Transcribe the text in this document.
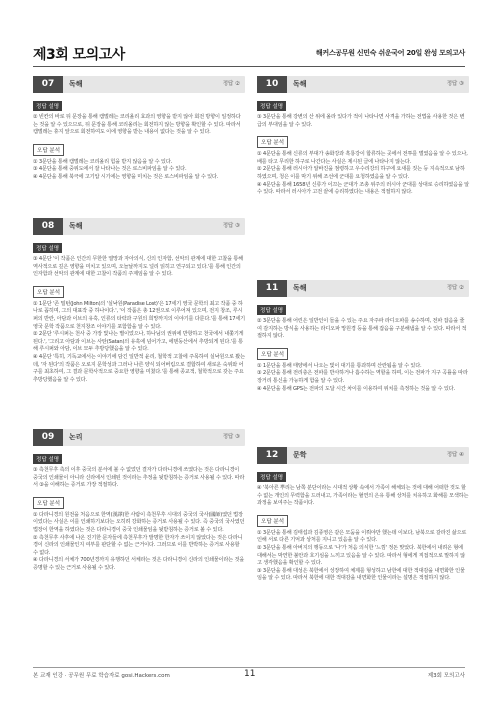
제3회 모의고사	해커스공무원 신민숙 쉬운국어 20일 완성 모의고사
07	독해	정답 ②
정답 설명
② 빈칸의 바로 뒤 문장을 통해 캠벌레는 코리올리 효과의 영향을 받지 않아 회전 방향이 일정하다는 것을 알 수 있으므로, 뒤 문장을 통해 코리올리는 회전하지 않는 방향을 확인할 수 있다. 따라서 캠벌레는 휴지 앞으로 회전하여도 이에 영향을 받는 내용이 없다는 것을 알 수 있다.
오답 분석
① 3문단을 통해 캠벌레는 코리올리 힘을 받지 않음을 알 수 있다.
③ 4문단을 통해 중위도에서 잘 나타나는 것은 로스비파임을 알 수 있다.
④ 4문단을 통해 북극에 고기압 시기에는 영향을 미치는 것은 로스비파임을 알 수 있다.
08	독해	정답 ③
정답 설명
③ 4문단 '이 작품은 인간의 무한한 열망과 자아의식, 신의 인자함, 선악의 관계에 대한 고찰을 통해 역사적으로 깊은 영향을 미치고 있으며, 오늘날까지도 널리 읽히고 연구되고 있다.'를 통해 인간의 인자함과 선악의 관계에 대한 고찰이 작품의 주제임을 알 수 있다.
오답 분석
① 1문단 '존 밀턴(John Milton)의 '실낙원(Paradise Lost)'은 17세기 영국 문학의 최고 작품 중 하나로 꼽히며, 그의 대표작 중 하나이다.', '이 작품은 총 12권으로 이루어져 있으며, 전지 창조, 루시퍼의 반란, 아담과 이브의 유혹, 인류의 타락과 구원의 희망까지의 이야기를 다룬다.'를 통해 17세기 영국 문학 작품으로 천지창조 이야기를 포함함을 알 수 있다.
② 2문단 '루시퍼는 천사 중 가장 빛나는 별이었으나, 하나님의 권위에 반항하고 천국에서 내쫓기게 된다.', '그리고 아담과 이브는 사탄(Satan)의 유혹에 넘어가고, 에덴동산에서 추방되게 된다.'를 통해 루시퍼와 아담, 이브 모두 추방당했음을 알 수 있다.
④ 4문단 '특히, 기독교에서는 이야기에 담긴 일반적 윤리, 철학적 고찰에 주목하여 실낙원으로 봤는데, '자 된다'의 작품은 오로지 문학성과 그러나 나른 양식 되어버림으로 결합하여 새로운 숙위와 어구를 최초하여, 그 결과 문학사적으로 중요한 영향을 미쳤다.'를 통해 종교적, 철학적으로 갖는 주요 추방당했음을 알 수 있다.
09	논리	정답 ③
정답 설명
③ 측천무후 측의 이후 중국의 분서에 볼 수 없었던 결자가 다라니경에 쓰였다는 것은 다라니경이 중국의 인쇄물이 아니라 신라에서 인쇄된 것이라는 추정을 뒷받침하는 증거로 사용될 수 있다. 따라서 ③을 이해하는 증거로 가장 적절하다.
오답 분석
① 다라니경의 원전을 처음으로 한역(漢譯)한 사람이 측천무후 시대의 중국의 국사(國師)였던 법장이었다는 사실은 이를 인쇄하기보다는 오히려 강화하는 증거로 사용될 수 있다. 즉 중국의 국사였던 법장이 한역을 하였다는 것은 다라니경이 중국 인쇄물임을 뒷받침하는 증거로 볼 수 있다.
② 측천무후 사후에 나온 진기한 문자들에 측천무후가 발명한 한자가 쓰이지 않았다는 것은 다라니경이 신라의 인쇄물인지 여부를 판단할 수 없는 근거이다. 그러므로 이를 반박하는 증거로 사용할 수 없다.
④ 다라니경의 서체가 700년경까지 유행하던 서체라는 것은 다라니경이 신라의 인쇄물이라는 것을 증명할 수 있는 근거로 사용될 수 있다.
10	독해	정답 ③
정답 설명
③ 3문단을 통해 강변의 산 위에 올라 있다가 적이 나타나면 사격을 가하는 전법을 사용한 것은 변급의 부대임을 알 수 있다.
오답 분석
① 4문단을 통해 신류의 부대가 송화강과 흑룡강이 합류하는 곳에서 전투를 벌였음을 알 수 있으나, 배를 타고 무리한 하구로 나간다는 사실은 제시된 글에 나타나지 않는다.
② 2문단을 통해 러시아가 알바진을 점령하고 우수리강의 하구에 요새를 짓는 등 지속적으로 남하하였으며, 청은 이를 막기 위해 조선에 군대를 요청하였음을 알 수 있다.
④ 4문단을 통해 1658년 신류가 이끄는 군대가 조총 위주의 러시아 군대를 상대로 승리하였음을 알 수 있다. 따라서 러시아가 고전 끝에 승리하였다는 내용은 적절하지 않다.
11	독해	정답 ②
정답 설명
② 3문단을 통해 어린은 일반인이 들을 수 있는 주요 자주파 라디오파를 송수하며, 전파 잡음을 줄여 감지하는 방식을 사용하는 라디오파 망원경 등을 통해 잡음을 구분해냄을 알 수 있다. 따라서 적절하지 않다.
오답 분석
① 1문단을 통해 태양에서 나오는 빛이 대기를 통과하며 산란됨을 알 수 있다.
③ 2문단을 통해 전리층은 전파를 반사하거나 흡수하는 역할을 하며, 이는 전파가 지구 곡률을 따라 장거리 통신을 가능하게 함을 알 수 있다.
④ 4문단을 통해 GPS는 전파의 도달 시간 차이를 이용하여 위치를 측정하는 것을 알 수 있다.
12	문학	정답 ④
정답 설명
④ '북아른 뿌리는 남쪽 분단이라는 시대적 상황 속에서 가족이 해체되는 것에 대해 어떠한 것도 할 수 없는 개인의 무력함을 드러내고, 가족이라는 혈연의 은유 통해 상처를 치유하고 화해를 모색하는 과정을 보여주는 작품이다.
오답 분석
① 3문단을 통해 김태섭과 김종영은 같은 모둠을 이뤄야만 했는데 이보다, 남북으로 갈라진 삶으로 인해 서로 다른 기억과 상처를 지니고 있음을 알 수 있다.
② 3문단을 통해 아버지의 행동으로 '나'가 처음 의식한 '느낌' 정돈 맞았다. 북한에서 내려온 형에 대해서는 막연한 불안과 호기심을 느끼고 있음을 알 수 있다. 따라서 형에게 직접적으로 말하지 않고 생각했음을 확인할 수 있다.
③ 3문단을 통해 대성은 북한에서 성장하여 체제를 형성하고 남한에 대한 적대감을 내면화한 인물임을 알 수 있다. 따라서 북한에 대한 적대감을 내면화한 인물이라는 설명은 적절하지 않다.
본 교재 인강 · 공무원 무료 학습자료 gosi.Hackers.com	11	제3회 모의고사
